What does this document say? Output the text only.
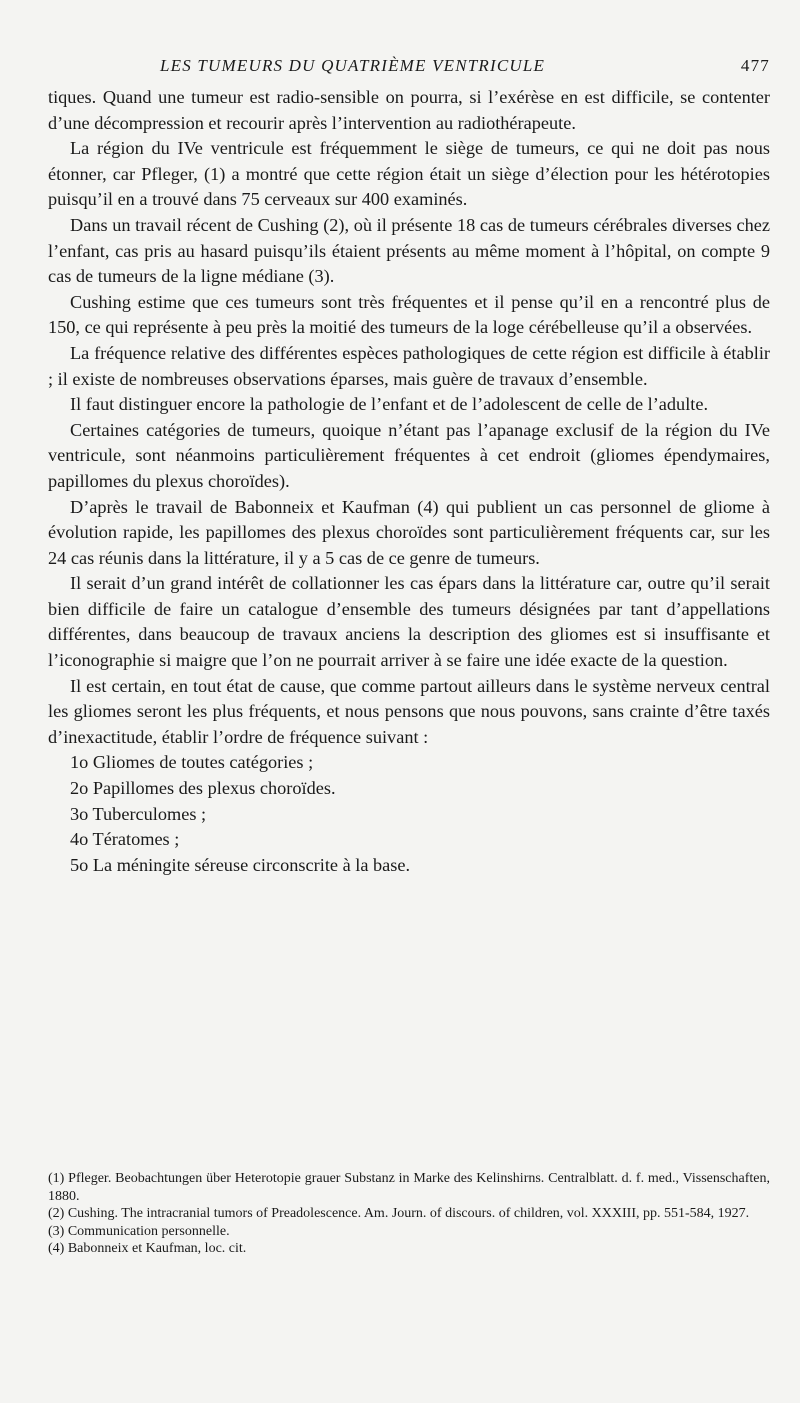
LES TUMEURS DU QUATRIÈME VENTRICULE	477

tiques. Quand une tumeur est radio-sensible on pourra, si l’exérèse en est difficile, se contenter d’une décompression et recourir après l’intervention au radiothérapeute.

La région du IVe ventricule est fréquemment le siège de tumeurs, ce qui ne doit pas nous étonner, car Pfleger, (1) a montré que cette région était un siège d’élection pour les hétérotopies puisqu’il en a trouvé dans 75 cerveaux sur 400 examinés.

Dans un travail récent de Cushing (2), où il présente 18 cas de tumeurs cérébrales diverses chez l’enfant, cas pris au hasard puisqu’ils étaient présents au même moment à l’hôpital, on compte 9 cas de tumeurs de la ligne médiane (3).

Cushing estime que ces tumeurs sont très fréquentes et il pense qu’il en a rencontré plus de 150, ce qui représente à peu près la moitié des tumeurs de la loge cérébelleuse qu’il a observées.

La fréquence relative des différentes espèces pathologiques de cette région est difficile à établir ; il existe de nombreuses observations éparses, mais guère de travaux d’ensemble.

Il faut distinguer encore la pathologie de l’enfant et de l’adolescent de celle de l’adulte.

Certaines catégories de tumeurs, quoique n’étant pas l’apanage exclusif de la région du IVe ventricule, sont néanmoins particulièrement fréquentes à cet endroit (gliomes épendymaires, papillomes du plexus choroïdes).

D’après le travail de Babonneix et Kaufman (4) qui publient un cas personnel de gliome à évolution rapide, les papillomes des plexus choroïdes sont particulièrement fréquents car, sur les 24 cas réunis dans la littérature, il y a 5 cas de ce genre de tumeurs.

Il serait d’un grand intérêt de collationner les cas épars dans la littérature car, outre qu’il serait bien difficile de faire un catalogue d’ensemble des tumeurs désignées par tant d’appellations différentes, dans beaucoup de travaux anciens la description des gliomes est si insuffisante et l’iconographie si maigre que l’on ne pourrait arriver à se faire une idée exacte de la question.

Il est certain, en tout état de cause, que comme partout ailleurs dans le système nerveux central les gliomes seront les plus fréquents, et nous pensons que nous pouvons, sans crainte d’être taxés d’inexactitude, établir l’ordre de fréquence suivant :

1o Gliomes de toutes catégories ;
2o Papillomes des plexus choroïdes.
3o Tuberculomes ;
4o Tératomes ;
5o La méningite séreuse circonscrite à la base.

(1) Pfleger. Beobachtungen über Heterotopie grauer Substanz in Marke des Kelinshirns. Centralblatt. d. f. med., Vissenschaften, 1880.

(2) Cushing. The intracranial tumors of Preadolescence. Am. Journ. of discours. of children, vol. XXXIII, pp. 551-584, 1927.

(3) Communication personnelle.

(4) Babonneix et Kaufman, loc. cit.
